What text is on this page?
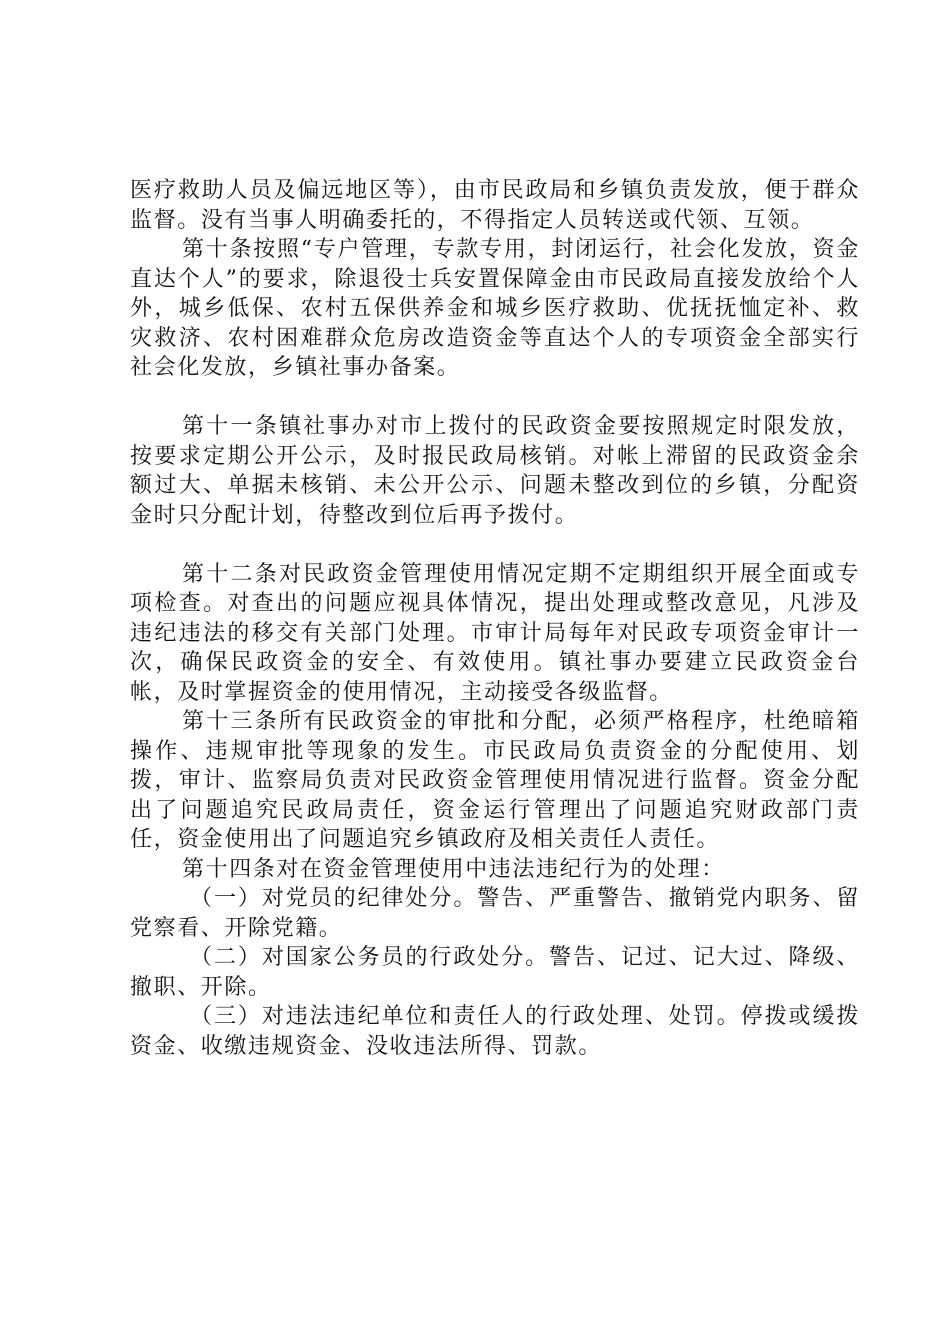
医疗救助人员及偏远地区等），由市民政局和乡镇负责发放，便于群众监督。没有当事人明确委托的，不得指定人员转送或代领、互领。

第十条按照“专户管理，专款专用，封闭运行，社会化发放，资金直达个人”的要求，除退役士兵安置保障金由市民政局直接发放给个人外，城乡低保、农村五保供养金和城乡医疗救助、优抚抚恤定补、救灾救济、农村困难群众危房改造资金等直达个人的专项资金全部实行社会化发放，乡镇社事办备案。

第十一条镇社事办对市上拨付的民政资金要按照规定时限发放，按要求定期公开公示，及时报民政局核销。对帐上滞留的民政资金余额过大、单据未核销、未公开公示、问题未整改到位的乡镇，分配资金时只分配计划，待整改到位后再予拨付。

第十二条对民政资金管理使用情况定期不定期组织开展全面或专项检查。对查出的问题应视具体情况，提出处理或整改意见，凡涉及违纪违法的移交有关部门处理。市审计局每年对民政专项资金审计一次，确保民政资金的安全、有效使用。镇社事办要建立民政资金台帐，及时掌握资金的使用情况，主动接受各级监督。

第十三条所有民政资金的审批和分配，必须严格程序，杜绝暗箱操作、违规审批等现象的发生。市民政局负责资金的分配使用、划拨，审计、监察局负责对民政资金管理使用情况进行监督。资金分配出了问题追究民政局责任，资金运行管理出了问题追究财政部门责任，资金使用出了问题追究乡镇政府及相关责任人责任。

第十四条对在资金管理使用中违法违纪行为的处理：

（一）对党员的纪律处分。警告、严重警告、撤销党内职务、留党察看、开除党籍。

（二）对国家公务员的行政处分。警告、记过、记大过、降级、撤职、开除。

（三）对违法违纪单位和责任人的行政处理、处罚。停拨或缓拨资金、收缴违规资金、没收违法所得、罚款。
